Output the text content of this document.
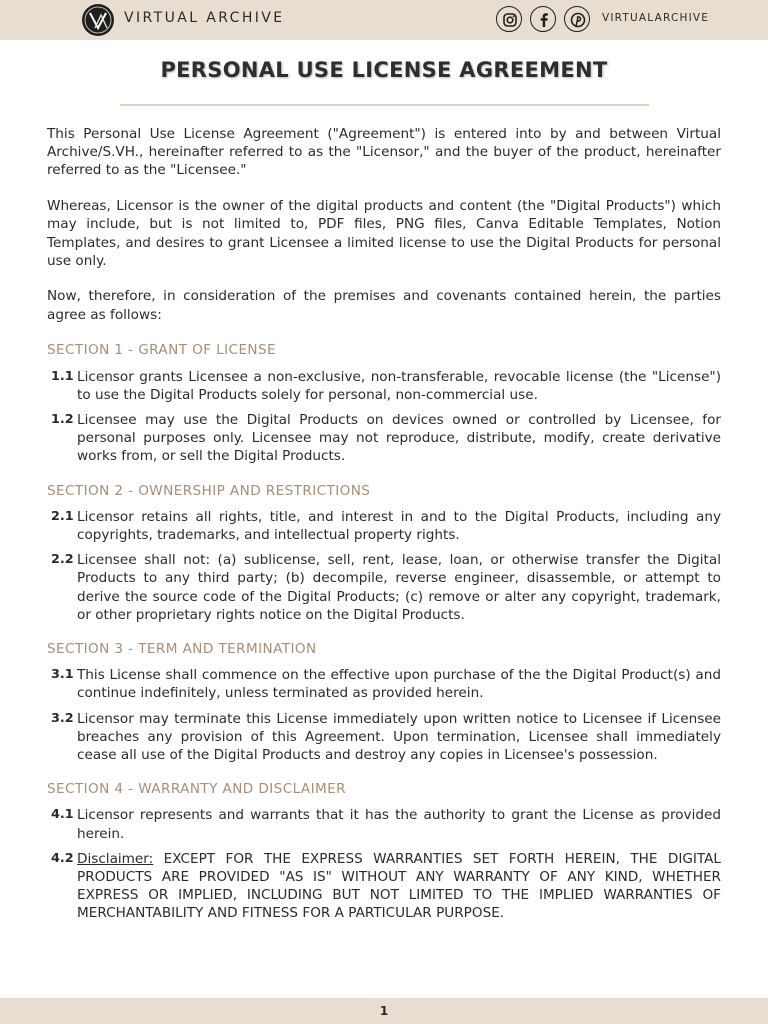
VIRTUAL ARCHIVE	VIRTUALARCHIVE
PERSONAL USE LICENSE AGREEMENT

This Personal Use License Agreement ("Agreement") is entered into by and between Virtual Archive/S.VH., hereinafter referred to as the "Licensor," and the buyer of the product, hereinafter referred to as the "Licensee."

Whereas, Licensor is the owner of the digital products and content (the "Digital Products") which may include, but is not limited to, PDF files, PNG files, Canva Editable Templates, Notion Templates, and desires to grant Licensee a limited license to use the Digital Products for personal use only.

Now, therefore, in consideration of the premises and covenants contained herein, the parties agree as follows:

SECTION 1 - GRANT OF LICENSE
1.1 Licensor grants Licensee a non-exclusive, non-transferable, revocable license (the "License") to use the Digital Products solely for personal, non-commercial use.
1.2 Licensee may use the Digital Products on devices owned or controlled by Licensee, for personal purposes only. Licensee may not reproduce, distribute, modify, create derivative works from, or sell the Digital Products.
SECTION 2 - OWNERSHIP AND RESTRICTIONS
2.1 Licensor retains all rights, title, and interest in and to the Digital Products, including any copyrights, trademarks, and intellectual property rights.
2.2 Licensee shall not: (a) sublicense, sell, rent, lease, loan, or otherwise transfer the Digital Products to any third party; (b) decompile, reverse engineer, disassemble, or attempt to derive the source code of the Digital Products; (c) remove or alter any copyright, trademark, or other proprietary rights notice on the Digital Products.
SECTION 3 - TERM AND TERMINATION
3.1 This License shall commence on the effective upon purchase of the the Digital Product(s) and continue indefinitely, unless terminated as provided herein.
3.2 Licensor may terminate this License immediately upon written notice to Licensee if Licensee breaches any provision of this Agreement. Upon termination, Licensee shall immediately cease all use of the Digital Products and destroy any copies in Licensee's possession.
SECTION 4 - WARRANTY AND DISCLAIMER
4.1 Licensor represents and warrants that it has the authority to grant the License as provided herein.
4.2 Disclaimer: EXCEPT FOR THE EXPRESS WARRANTIES SET FORTH HEREIN, THE DIGITAL PRODUCTS ARE PROVIDED "AS IS" WITHOUT ANY WARRANTY OF ANY KIND, WHETHER EXPRESS OR IMPLIED, INCLUDING BUT NOT LIMITED TO THE IMPLIED WARRANTIES OF MERCHANTABILITY AND FITNESS FOR A PARTICULAR PURPOSE.
1
